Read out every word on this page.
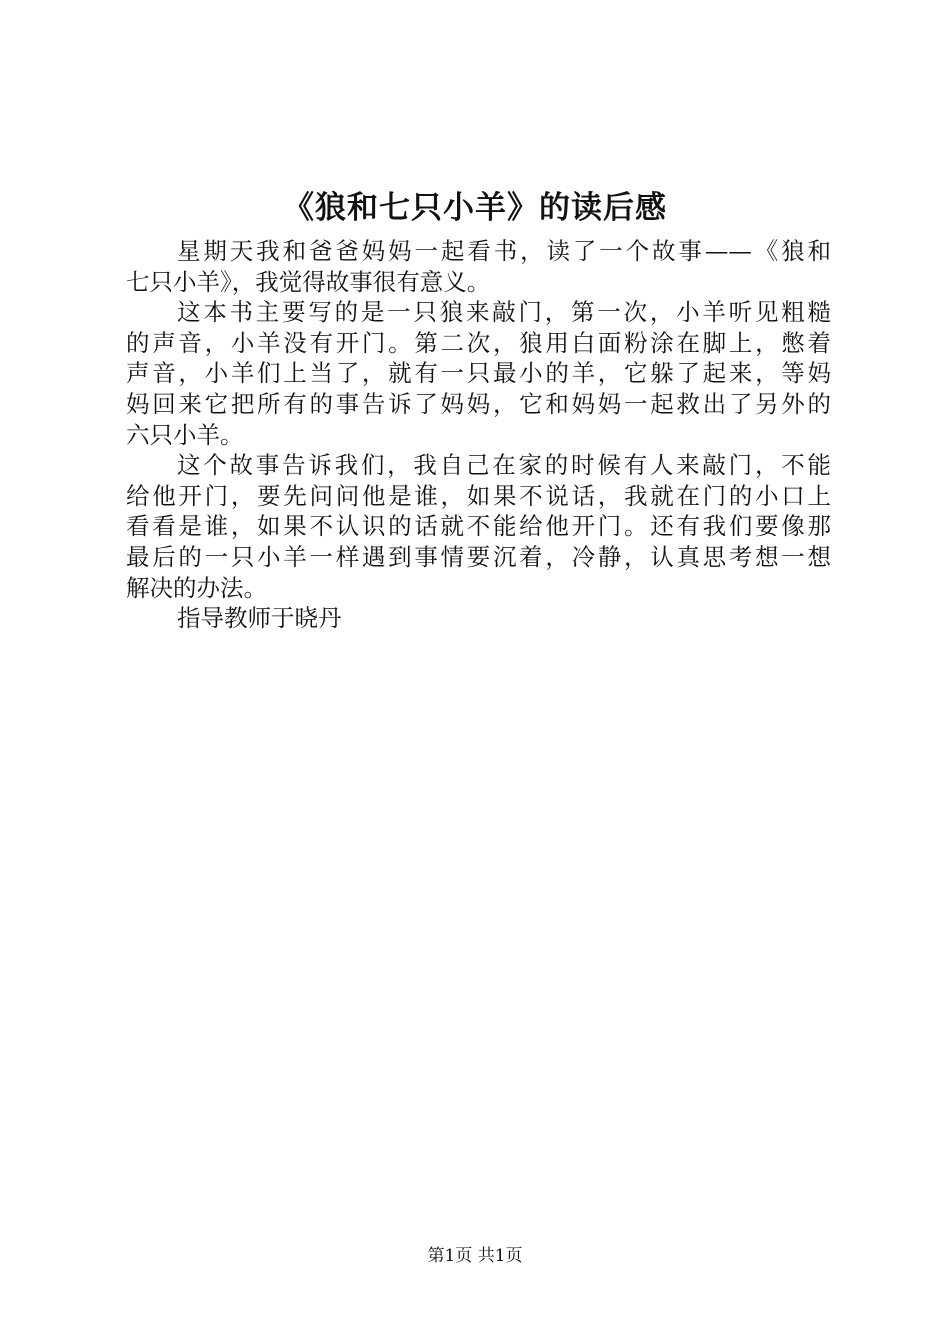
《狼和七只小羊》的读后感
星期天我和爸爸妈妈一起看书，读了一个故事——《狼和
七只小羊》，我觉得故事很有意义。
这本书主要写的是一只狼来敲门，第一次，小羊听见粗糙
的声音，小羊没有开门。第二次，狼用白面粉涂在脚上，憋着
声音，小羊们上当了，就有一只最小的羊，它躲了起来，等妈
妈回来它把所有的事告诉了妈妈，它和妈妈一起救出了另外的
六只小羊。
这个故事告诉我们，我自己在家的时候有人来敲门，不能
给他开门，要先问问他是谁，如果不说话，我就在门的小口上
看看是谁，如果不认识的话就不能给他开门。还有我们要像那
最后的一只小羊一样遇到事情要沉着，冷静，认真思考想一想
解决的办法。
指导教师于晓丹
第1页 共1页
